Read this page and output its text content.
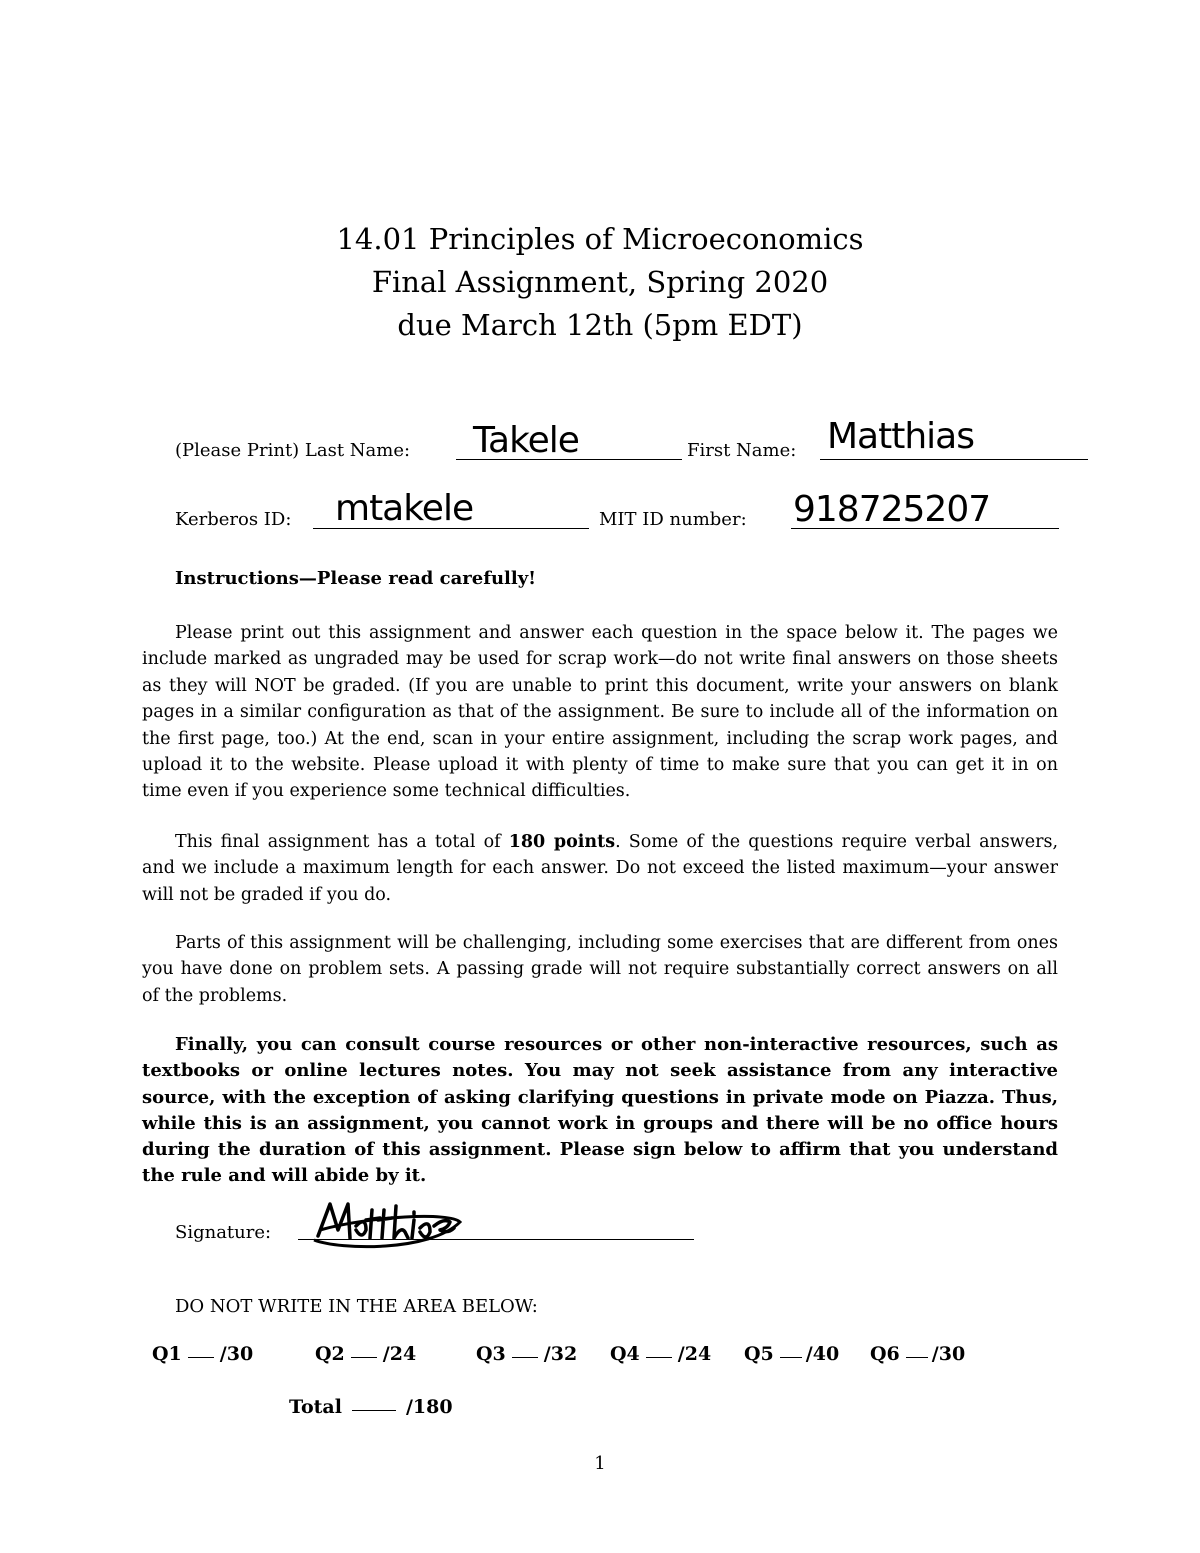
14.01 Principles of Microeconomics

Final Assignment, Spring 2020

due March 12th (5pm EDT)

(Please Print) Last Name: Takele	First Name: Matthias
Kerberos ID: mtakele	MIT ID number: 918725207
Instructions—Please read carefully!

Please print out this assignment and answer each question in the space below it. The pages we include marked as ungraded may be used for scrap work—do not write final answers on those sheets as they will NOT be graded. (If you are unable to print this document, write your answers on blank pages in a similar configuration as that of the assignment. Be sure to include all of the information on the first page, too.) At the end, scan in your entire assignment, including the scrap work pages, and upload it to the website. Please upload it with plenty of time to make sure that you can get it in on time even if you experience some technical difficulties.

This final assignment has a total of 180 points. Some of the questions require verbal answers, and we include a maximum length for each answer. Do not exceed the listed maximum—your answer will not be graded if you do.

Parts of this assignment will be challenging, including some exercises that are different from ones you have done on problem sets. A passing grade will not require substantially correct answers on all of the problems.

Finally, you can consult course resources or other non-interactive resources, such as textbooks or online lectures notes. You may not seek assistance from any interactive source, with the exception of asking clarifying questions in private mode on Piazza. Thus, while this is an assignment, you cannot work in groups and there will be no office hours during the duration of this assignment. Please sign below to affirm that you understand the rule and will abide by it.

Signature:
DO NOT WRITE IN THE AREA BELOW:
Q1 /30	Q2 /24	Q3 /32 Q4 /24 Q5 /40 Q6 /30
Total	/180
1
